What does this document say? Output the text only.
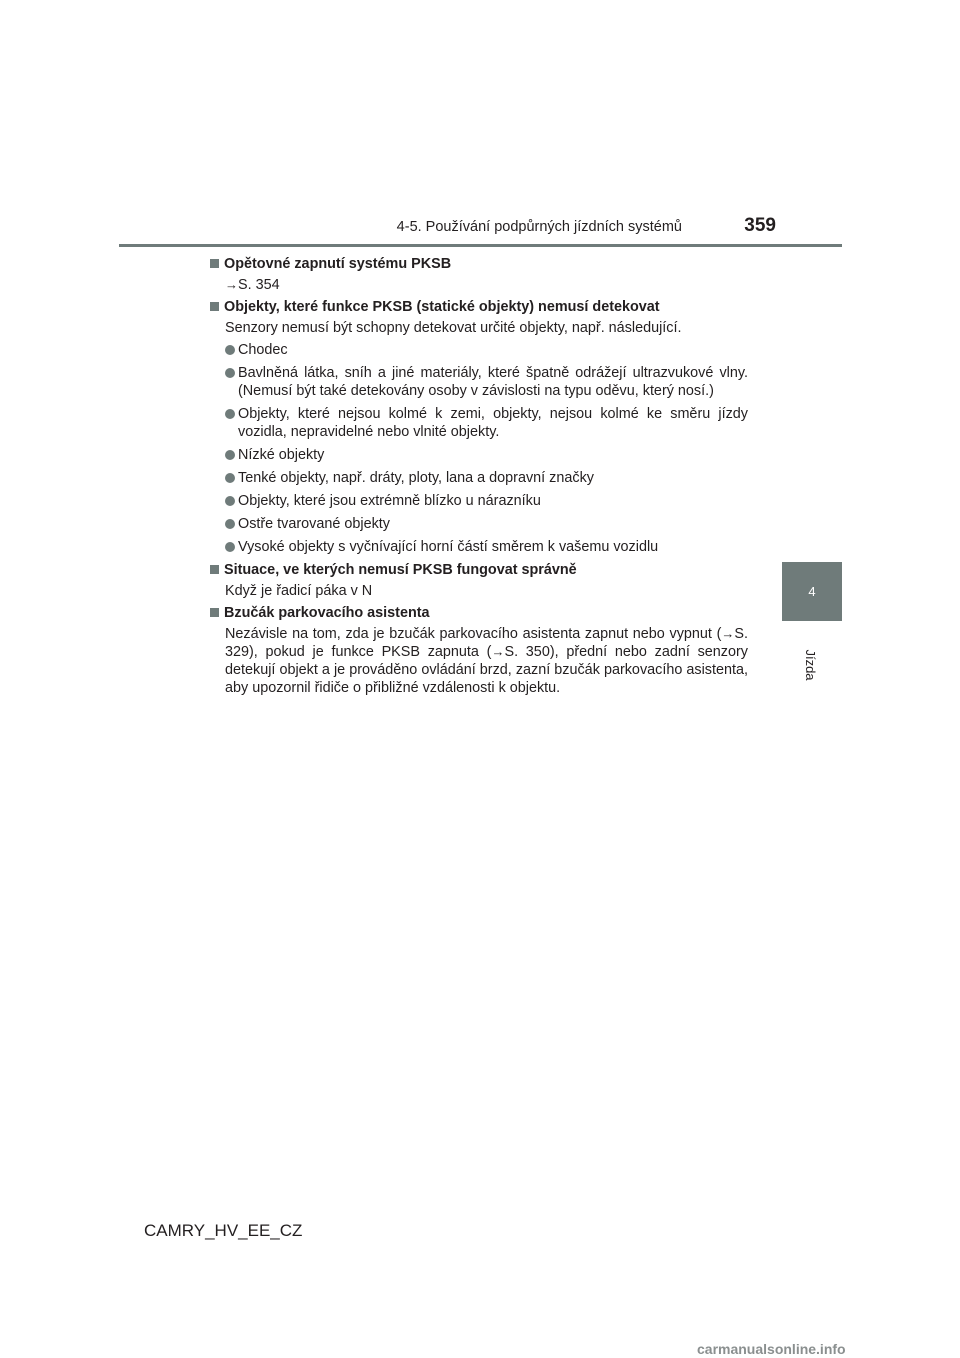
4-5. Používání podpůrných jízdních systémů	359
4
Jízda
Opětovné zapnutí systému PKSB
→S. 354
Objekty, které funkce PKSB (statické objekty) nemusí detekovat
Senzory nemusí být schopny detekovat určité objekty, např. následující.
Chodec
Bavlněná látka, sníh a jiné materiály, které špatně odrážejí ultrazvukové vlny. (Nemusí být také detekovány osoby v závislosti na typu oděvu, který nosí.)
Objekty, které nejsou kolmé k zemi, objekty, nejsou kolmé ke směru jízdy vozidla, nepravidelné nebo vlnité objekty.
Nízké objekty
Tenké objekty, např. dráty, ploty, lana a dopravní značky
Objekty, které jsou extrémně blízko u nárazníku
Ostře tvarované objekty
Vysoké objekty s vyčnívající horní částí směrem k vašemu vozidlu
Situace, ve kterých nemusí PKSB fungovat správně
Když je řadicí páka v N
Bzučák parkovacího asistenta
Nezávisle na tom, zda je bzučák parkovacího asistenta zapnut nebo vypnut (→S. 329), pokud je funkce PKSB zapnuta (→S. 350), přední nebo zadní senzory detekují objekt a je prováděno ovládání brzd, zazní bzučák parkovacího asistenta, aby upozornil řidiče o přibližné vzdálenosti k objektu.
CAMRY_HV_EE_CZ
carmanualsonline.info
